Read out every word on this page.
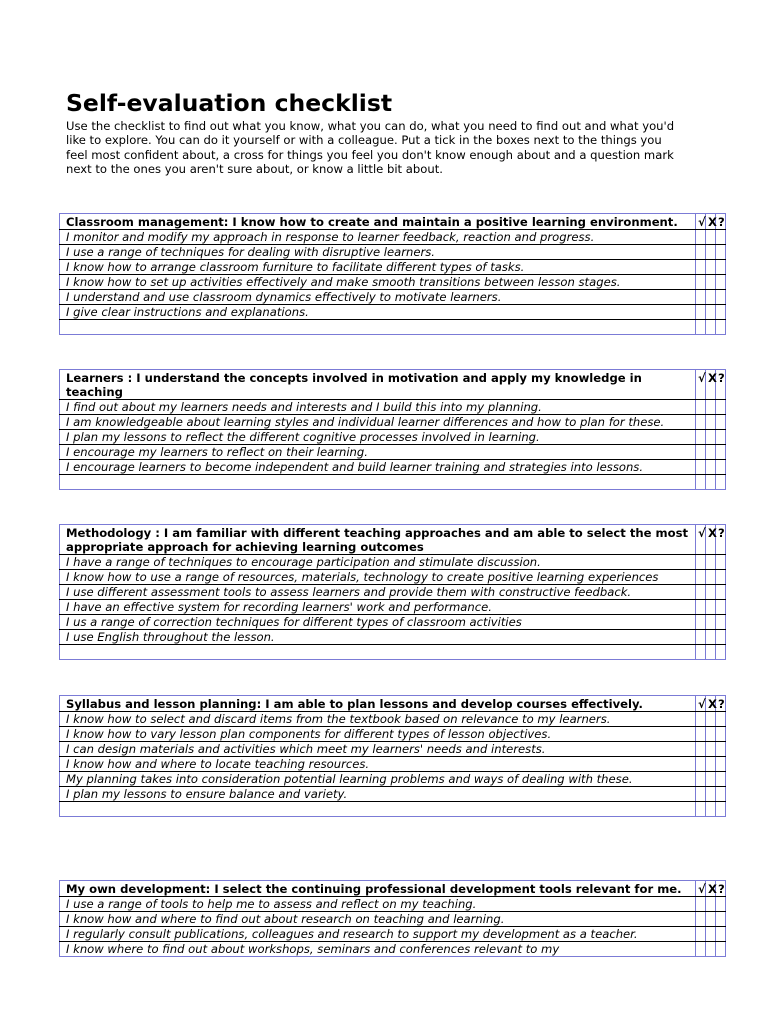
Self-evaluation checklist

Use the checklist to find out what you know, what you can do, what you need to find out and what you'd like to explore. You can do it yourself or with a colleague. Put a tick in the boxes next to the things you feel most confident about, a cross for things you feel you don't know enough about and a question mark next to the ones you aren't sure about, or know a little bit about.

Classroom management: I know how to create and maintain a positive learning environment.	√	X	?
I monitor and modify my approach in response to learner feedback, reaction and progress.			
I use a range of techniques for dealing with disruptive learners.			
I know how to arrange classroom furniture to facilitate different types of tasks.			
I know how to set up activities effectively and make smooth transitions between lesson stages.			
I understand and use classroom dynamics effectively to motivate learners.			
I give clear instructions and explanations.			

Learners : I understand the concepts involved in motivation and apply my knowledge in teaching	√	X	?
I find out about my learners needs and interests and I build this into my planning.			
I am knowledgeable about learning styles and individual learner differences and how to plan for these.			
I plan my lessons to reflect the different cognitive processes involved in learning.			
I encourage my learners to reflect on their learning.			
I encourage learners to become independent and build learner training and strategies into lessons.			

Methodology : I am familiar with different teaching approaches and am able to select the most appropriate approach for achieving learning outcomes	√	X	?
I have a range of techniques to encourage participation and stimulate discussion.			
I know how to use a range of resources, materials, technology to create positive learning experiences			
I use different assessment tools to assess learners and provide them with constructive feedback.			
I have an effective system for recording learners' work and performance.			
I us a range of correction techniques for different types of classroom activities			
I use English throughout the lesson.			

Syllabus and lesson planning: I am able to plan lessons and develop courses effectively.	√	X	?
I know how to select and discard items from the textbook based on relevance to my learners.			
I know how to vary lesson plan components for different types of lesson objectives.			
I can design materials and activities which meet my learners' needs and interests.			
I know how and where to locate teaching resources.			
My planning takes into consideration potential learning problems and ways of dealing with these.			
I plan my lessons to ensure balance and variety.			

My own development: I select the continuing professional development tools relevant for me.	√	X	?
I use a range of tools to help me to assess and reflect on my teaching.			
I know how and where to find out about research on teaching and learning.			
I regularly consult publications, colleagues and research to support my development as a teacher.			
I know where to find out about workshops, seminars and conferences relevant to my			
